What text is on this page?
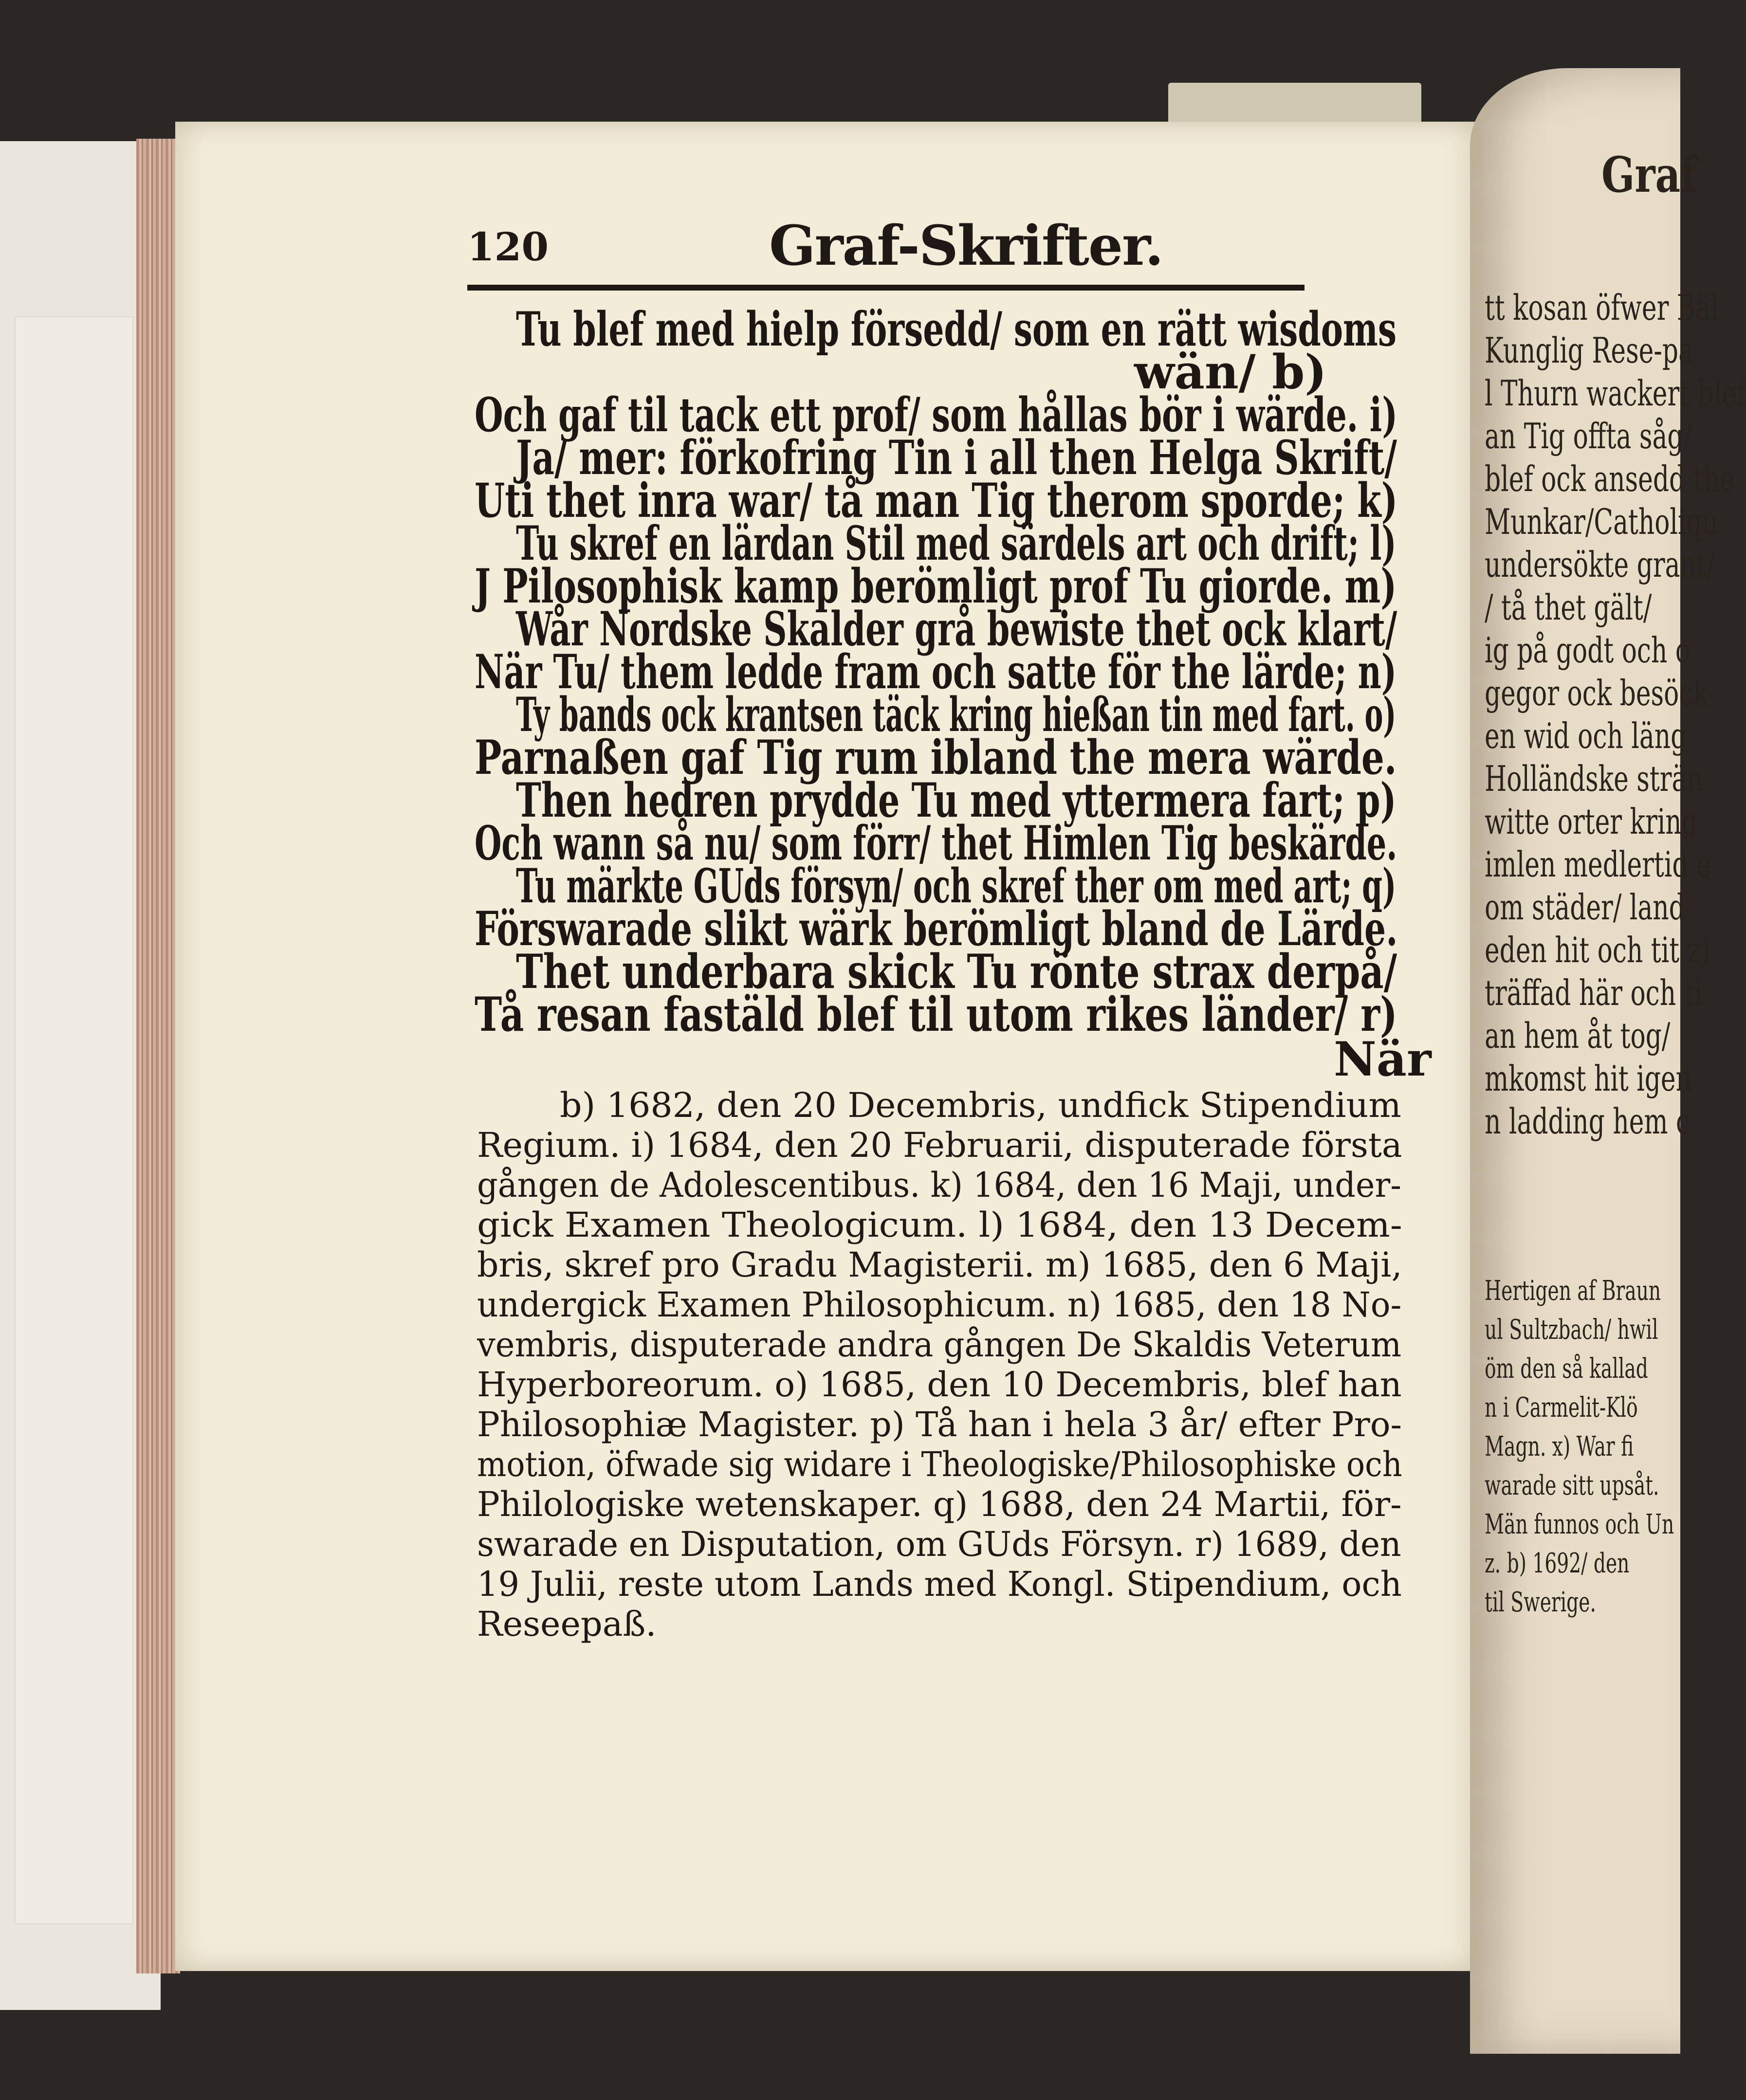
Graf
tt kosan öfwer Bäl
Kunglig Rese-pa
l Thurn wackert blef
an Tig offta såg/
blef ock ansedd the
Munkar/Catholiqu
undersökte grant/
/ tå thet gält/
ig på godt och o
gegor ock besöck
en wid och läng
Holländske strän
witte orter kring
imlen medlertid e
om städer/ land
eden hit och tit z)
träffad här och ti
an hem åt tog/
mkomst hit igen
n ladding hem c
Hertigen af Braun
ul Sultzbach/ hwil
öm den så kallad
n i Carmelit-Klö
Magn. x) War fi
warade sitt upsåt.
Män funnos och Un
z. b) 1692/ den
til Swerige.
120	Graf-Skrifter.
När
Tu blef med hielp försedd/ som en rätt wisdoms
wän/ b)
Och gaf til tack ett prof/ som hållas bör i wärde. i)
Ja/ mer: förkofring Tin i all then Helga Skrift/
Uti thet inra war/ tå man Tig therom sporde; k)
Tu skref en lärdan Stil med särdels art och drift; l)
J Pilosophisk kamp berömligt prof Tu giorde. m)
Wår Nordske Skalder grå bewiste thet ock klart/
När Tu/ them ledde fram och satte för the lärde; n)
Ty bands ock krantsen täck kring hießan tin med fart. o)
Parnaßen gaf Tig rum ibland the mera wärde.
Then hedren prydde Tu med yttermera fart; p)
Och wann så nu/ som förr/ thet Himlen Tig beskärde.
Tu märkte GUds försyn/ och skref ther om med art; q)
Förswarade slikt wärk berömligt bland de Lärde.
Thet underbara skick Tu rönte strax derpå/
Tå resan fastäld blef til utom rikes länder/ r)
b) 1682, den 20 Decembris, undfick Stipendium
Regium. i) 1684, den 20 Februarii, disputerade första
gången de Adolescentibus. k) 1684, den 16 Maji, under-
gick Examen Theologicum. l) 1684, den 13 Decem-
bris, skref pro Gradu Magisterii. m) 1685, den 6 Maji,
undergick Examen Philosophicum. n) 1685, den 18 No-
vembris, disputerade andra gången De Skaldis Veterum
Hyperboreorum. o) 1685, den 10 Decembris, blef han
Philosophiæ Magister. p) Tå han i hela 3 år/ efter Pro-
motion, öfwade sig widare i Theologiske/Philosophiske och
Philologiske wetenskaper. q) 1688, den 24 Martii, för-
swarade en Disputation, om GUds Försyn. r) 1689, den
19 Julii, reste utom Lands med Kongl. Stipendium, och
Reseepaß.
